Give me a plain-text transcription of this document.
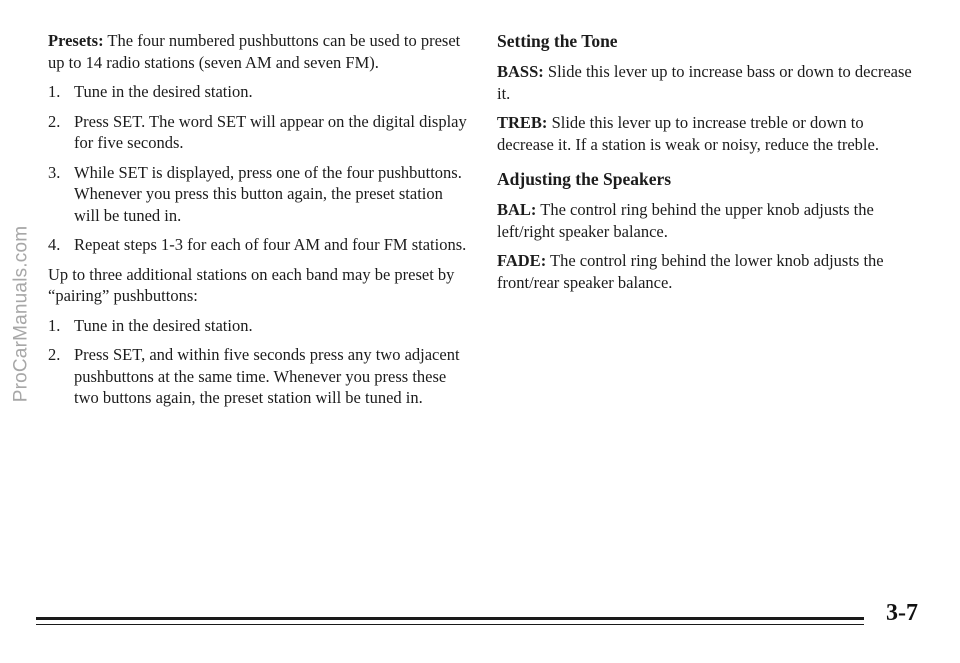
ProCarManuals.com

Presets: The four numbered pushbuttons can be used to preset up to 14 radio stations (seven AM and seven FM).

1. Tune in the desired station.
2. Press SET. The word SET will appear on the digital display for five seconds.
3. While SET is displayed, press one of the four pushbuttons. Whenever you press this button again, the preset station will be tuned in.
4. Repeat steps 1-3 for each of four AM and four FM stations.

Up to three additional stations on each band may be preset by “pairing” pushbuttons:

1. Tune in the desired station.
2. Press SET, and within five seconds press any two adjacent pushbuttons at the same time. Whenever you press these two buttons again, the preset station will be tuned in.
Setting the Tone

BASS: Slide this lever up to increase bass or down to decrease it.

TREB: Slide this lever up to increase treble or down to decrease it. If a station is weak or noisy, reduce the treble.

Adjusting the Speakers

BAL: The control ring behind the upper knob adjusts the left/right speaker balance.

FADE: The control ring behind the lower knob adjusts the front/rear speaker balance.

3-7
